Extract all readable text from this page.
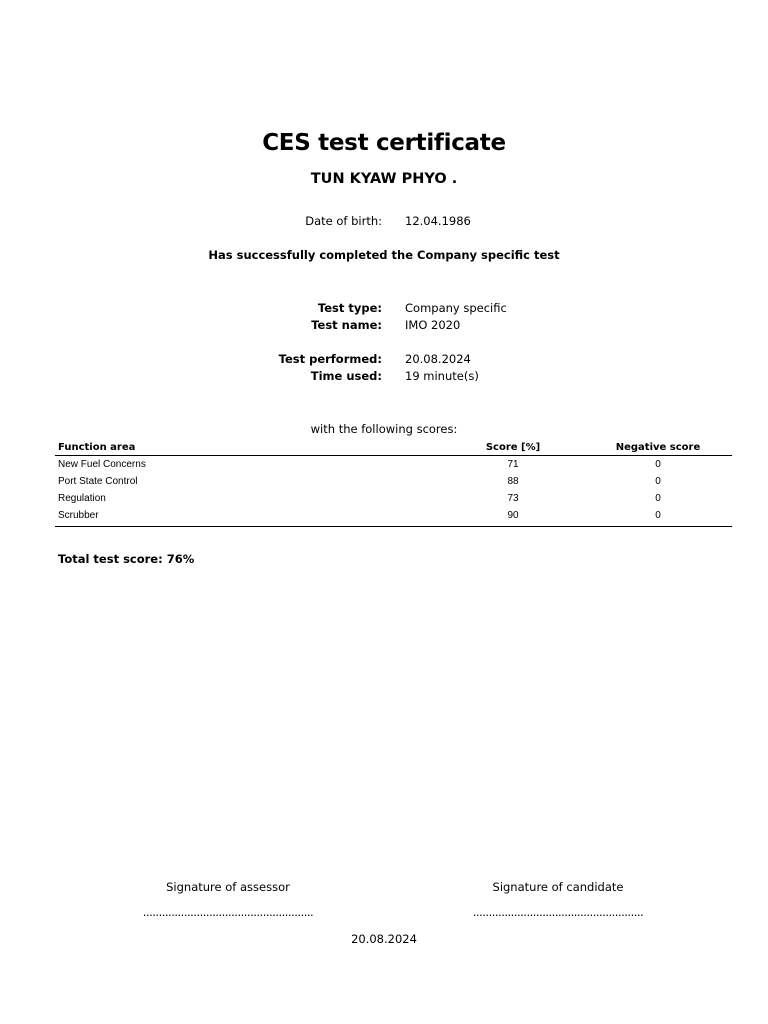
CES test certificate
TUN KYAW PHYO .
Date of birth: 12.04.1986
Has successfully completed the Company specific test
Test type: Company specific
Test name: IMO 2020
Test performed: 20.08.2024
Time used: 19 minute(s)
with the following scores:
Function area	Score [%]	Negative score
New Fuel Concerns	71	0
Port State Control	88	0
Regulation	73	0
Scrubber	90	0
Total test score: 76%
Signature of assessor	Signature of candidate
......................................................	......................................................
20.08.2024
